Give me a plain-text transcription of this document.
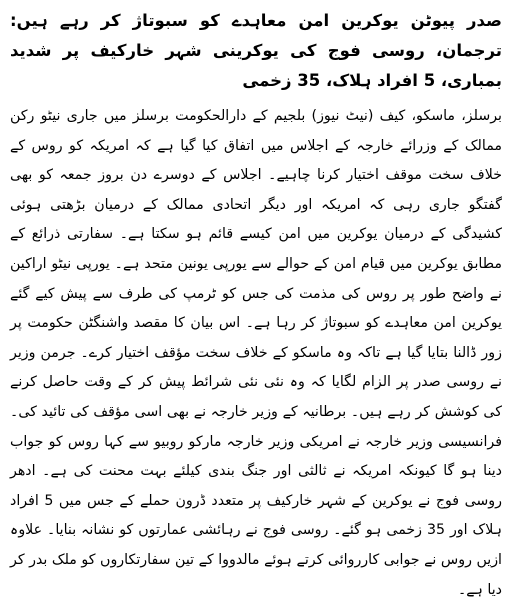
صدر پیوٹن یوکرین امن معاہدے کو سبوتاژ کر رہے ہیں: ترجمان، روسی فوج کی یوکرینی شہر خارکیف پر شدید بمباری، 5 افراد ہلاک، 35 زخمی

برسلز، ماسکو، کیف (نیٹ نیوز) بلجیم کے دارالحکومت برسلز میں جاری نیٹو رکن ممالک کے وزرائے خارجہ کے اجلاس میں اتفاق کیا گیا ہے کہ امریکہ کو روس کے خلاف سخت موقف اختیار کرنا چاہیے۔ اجلاس کے دوسرے دن بروز جمعہ کو بھی گفتگو جاری رہی کہ امریکہ اور دیگر اتحادی ممالک کے درمیان بڑھتی ہوئی کشیدگی کے درمیان یوکرین میں امن کیسے قائم ہو سکتا ہے۔ سفارتی ذرائع کے مطابق یوکرین میں قیام امن کے حوالے سے یورپی یونین متحد ہے۔ یورپی نیٹو اراکین نے واضح طور پر روس کی مذمت کی جس کو ٹرمپ کی طرف سے پیش کیے گئے یوکرین امن معاہدے کو سبوتاژ کر رہا ہے۔ اس بیان کا مقصد واشنگٹن حکومت پر زور ڈالنا بتایا گیا ہے تاکہ وہ ماسکو کے خلاف سخت مؤقف اختیار کرے۔ جرمن وزیر نے روسی صدر پر الزام لگایا کہ وہ نئی نئی شرائط پیش کر کے وقت حاصل کرنے کی کوشش کر رہے ہیں۔ برطانیہ کے وزیر خارجہ نے بھی اسی مؤقف کی تائید کی۔ فرانسیسی وزیر خارجہ نے امریکی وزیر خارجہ مارکو روبیو سے کہا روس کو جواب دینا ہو گا کیونکہ امریکہ نے ثالثی اور جنگ بندی کیلئے بہت محنت کی ہے۔ ادھر روسی فوج نے یوکرین کے شہر خارکیف پر متعدد ڈرون حملے کے جس میں 5 افراد ہلاک اور 35 زخمی ہو گئے۔ روسی فوج نے رہائشی عمارتوں کو نشانہ بنایا۔ علاوہ ازیں روس نے جوابی کارروائی کرتے ہوئے مالدووا کے تین سفارتکاروں کو ملک بدر کر دیا ہے۔
